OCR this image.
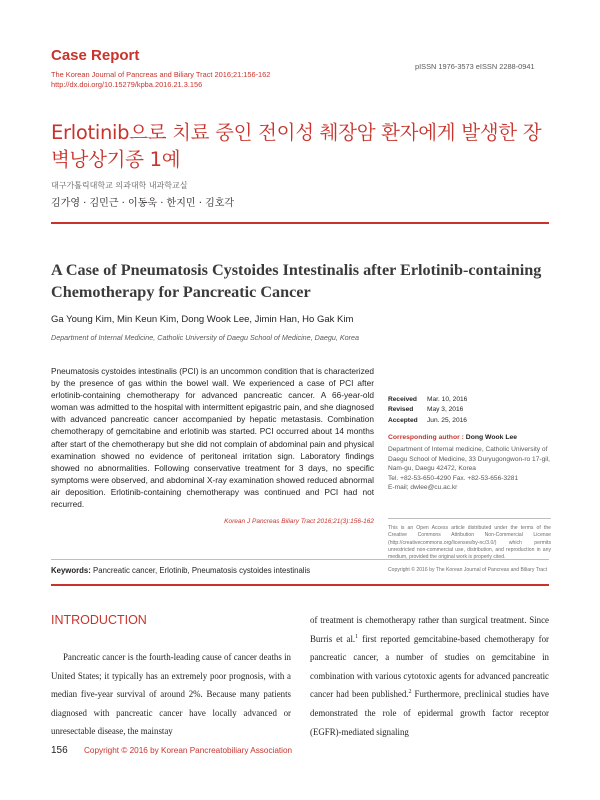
Case Report
The Korean Journal of Pancreas and Biliary Tract 2016;21:156-162
http://dx.doi.org/10.15279/kpba.2016.21.3.156
pISSN 1976-3573 eISSN 2288-0941
Erlotinib으로 치료 중인 전이성 췌장암 환자에게 발생한 장벽낭상기종 1예
대구가톨릭대학교 의과대학 내과학교실
김가영 · 김민근 · 이동욱 · 한지민 · 김호각
A Case of Pneumatosis Cystoides Intestinalis after Erlotinib-containing Chemotherapy for Pancreatic Cancer
Ga Young Kim, Min Keun Kim, Dong Wook Lee, Jimin Han, Ho Gak Kim
Department of Internal Medicine, Catholic University of Daegu School of Medicine, Daegu, Korea
Pneumatosis cystoides intestinalis (PCI) is an uncommon condition that is characterized by the presence of gas within the bowel wall. We experienced a case of PCI after erlotinib-containing chemotherapy for advanced pancreatic cancer. A 66-year-old woman was admitted to the hospital with intermittent epigastric pain, and she diagnosed with advanced pancreatic cancer accompanied by hepatic metastasis. Combination chemotherapy of gemcitabine and erlotinib was started. PCI occurred about 14 months after start of the chemotherapy but she did not complain of abdominal pain and physical examination showed no evidence of peritoneal irritation sign. Laboratory findings showed no abnormalities. Following conservative treatment for 3 days, no specific symptoms were observed, and abdominal X-ray examination showed reduced abnormal air deposition. Erlotinib-containing chemotherapy was continued and PCI had not recurred.
Korean J Pancreas Biliary Tract 2016;21(3):156-162
Keywords: Pancreatic cancer, Erlotinib, Pneumatosis cystoides intestinalis
Received Mar. 10, 2016
Revised May 3, 2016
Accepted Jun. 25, 2016
Corresponding author : Dong Wook Lee
Department of Internal medicine, Catholic University of Daegu School of Medicine, 33 Duryugongwon-ro 17-gil, Nam-gu, Daegu 42472, Korea
Tel. +82-53-650-4290 Fax. +82-53-656-3281
E-mail; dwlee@cu.ac.kr
This is an Open Access article distributed under the terms of the Creative Commons Attribution Non-Commercial License (http://creativecommons.org/licenses/by-nc/3.0/) which permits unrestricted non-commercial use, distribution, and reproduction in any medium, provided the original work is properly cited.
Copyright © 2016 by The Korean Journal of Pancreas and Biliary Tract
INTRODUCTION

Pancreatic cancer is the fourth-leading cause of cancer deaths in United States; it typically has an extremely poor prognosis, with a median five-year survival of around 2%. Because many patients diagnosed with pancreatic cancer have locally advanced or unresectable disease, the mainstay

of treatment is chemotherapy rather than surgical treatment. Since Burris et al.$^1$ first reported gemcitabine-based chemotherapy for pancreatic cancer, a number of studies on gemcitabine in combination with various cytotoxic agents for advanced pancreatic cancer had been published.$^2$ Furthermore, preclinical studies have demonstrated the role of epidermal growth factor receptor (EGFR)-mediated signaling

156 Copyright © 2016 by Korean Pancreatobiliary Association
